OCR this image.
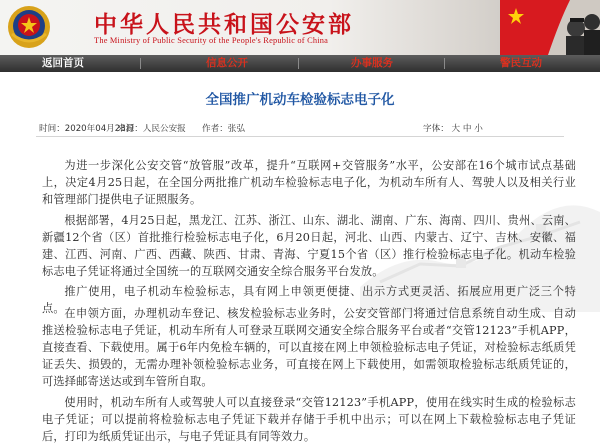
中华人民共和国公安部
The Ministry of Public Security of the People's Republic of China
返回首页	信息公开	办事服务	警民互动
全国推广机动车检验标志电子化
时间：2020年04月23日
来源：人民公安报 作者：张弘	字体： 大 中 小

为进一步深化公安交管“放管服”改革，提升“互联网+交管服务”水平，公安部在16个城市试点基础上，决定4月25日起，在全国分两批推广机动车检验标志电子化，为机动车所有人、驾驶人以及相关行业和管理部门提供电子证照服务。

根据部署，4月25日起，黑龙江、江苏、浙江、山东、湖北、湖南、广东、海南、四川、贵州、云南、新疆12个省（区）首批推行检验标志电子化，6月20日起，河北、山西、内蒙古、辽宁、吉林、安徽、福建、江西、河南、广西、西藏、陕西、甘肃、青海、宁夏15个省（区）推行检验标志电子化。机动车检验标志电子凭证将通过全国统一的互联网交通安全综合服务平台发放。

推广使用，电子机动车检验标志，具有网上申领更便捷、出示方式更灵活、拓展应用更广泛三个特点。 在申领方面，办理机动车登记、核发检验标志业务时，公安交管部门将通过信息系统自动生成、自动推送检验标志电子凭证，机动车所有人可登录互联网交通安全综合服务平台或者“交管12123”手机APP，直接查看、下载使用。属于6年内免检车辆的，可以直接在网上申领检验标志电子凭证，对检验标志纸质凭证丢失、损毁的，无需办理补领检验标志业务，可直接在网上下载使用，如需领取检验标志纸质凭证的，可选择邮寄送达或到车管所自取。

使用时，机动车所有人或驾驶人可以直接登录“交管12123”手机APP，使用在线实时生成的检验标志电子凭证；可以提前将检验标志电子凭证下载并存储于手机中出示；可以在网上下载检验标志电子凭证后，打印为纸质凭证出示，与电子凭证具有同等效力。
